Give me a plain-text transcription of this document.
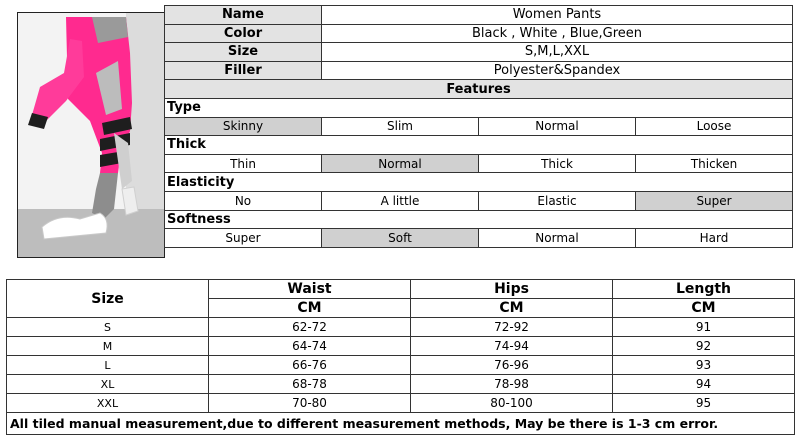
Name	Women Pants		
Color	Black , White , Blue,Green		
Size	S,M,L,XXL		
Filler	Polyester&Spandex		
Features			
Type			
Skinny	Slim	Normal	Loose
Thick			
Thin	Normal	Thick	Thicken
Elasticity			
No	A little	Elastic	Super
Softness			
Super	Soft	Normal	Hard
Size	Waist	Hips	Length
	CM	CM	CM
S	62-72	72-92	91
M	64-74	74-94	92
L	66-76	76-96	93
XL	68-78	78-98	94
XXL	70-80	80-100	95
All tiled manual measurement,due to different measurement methods, May be there is 1-3 cm error.			
